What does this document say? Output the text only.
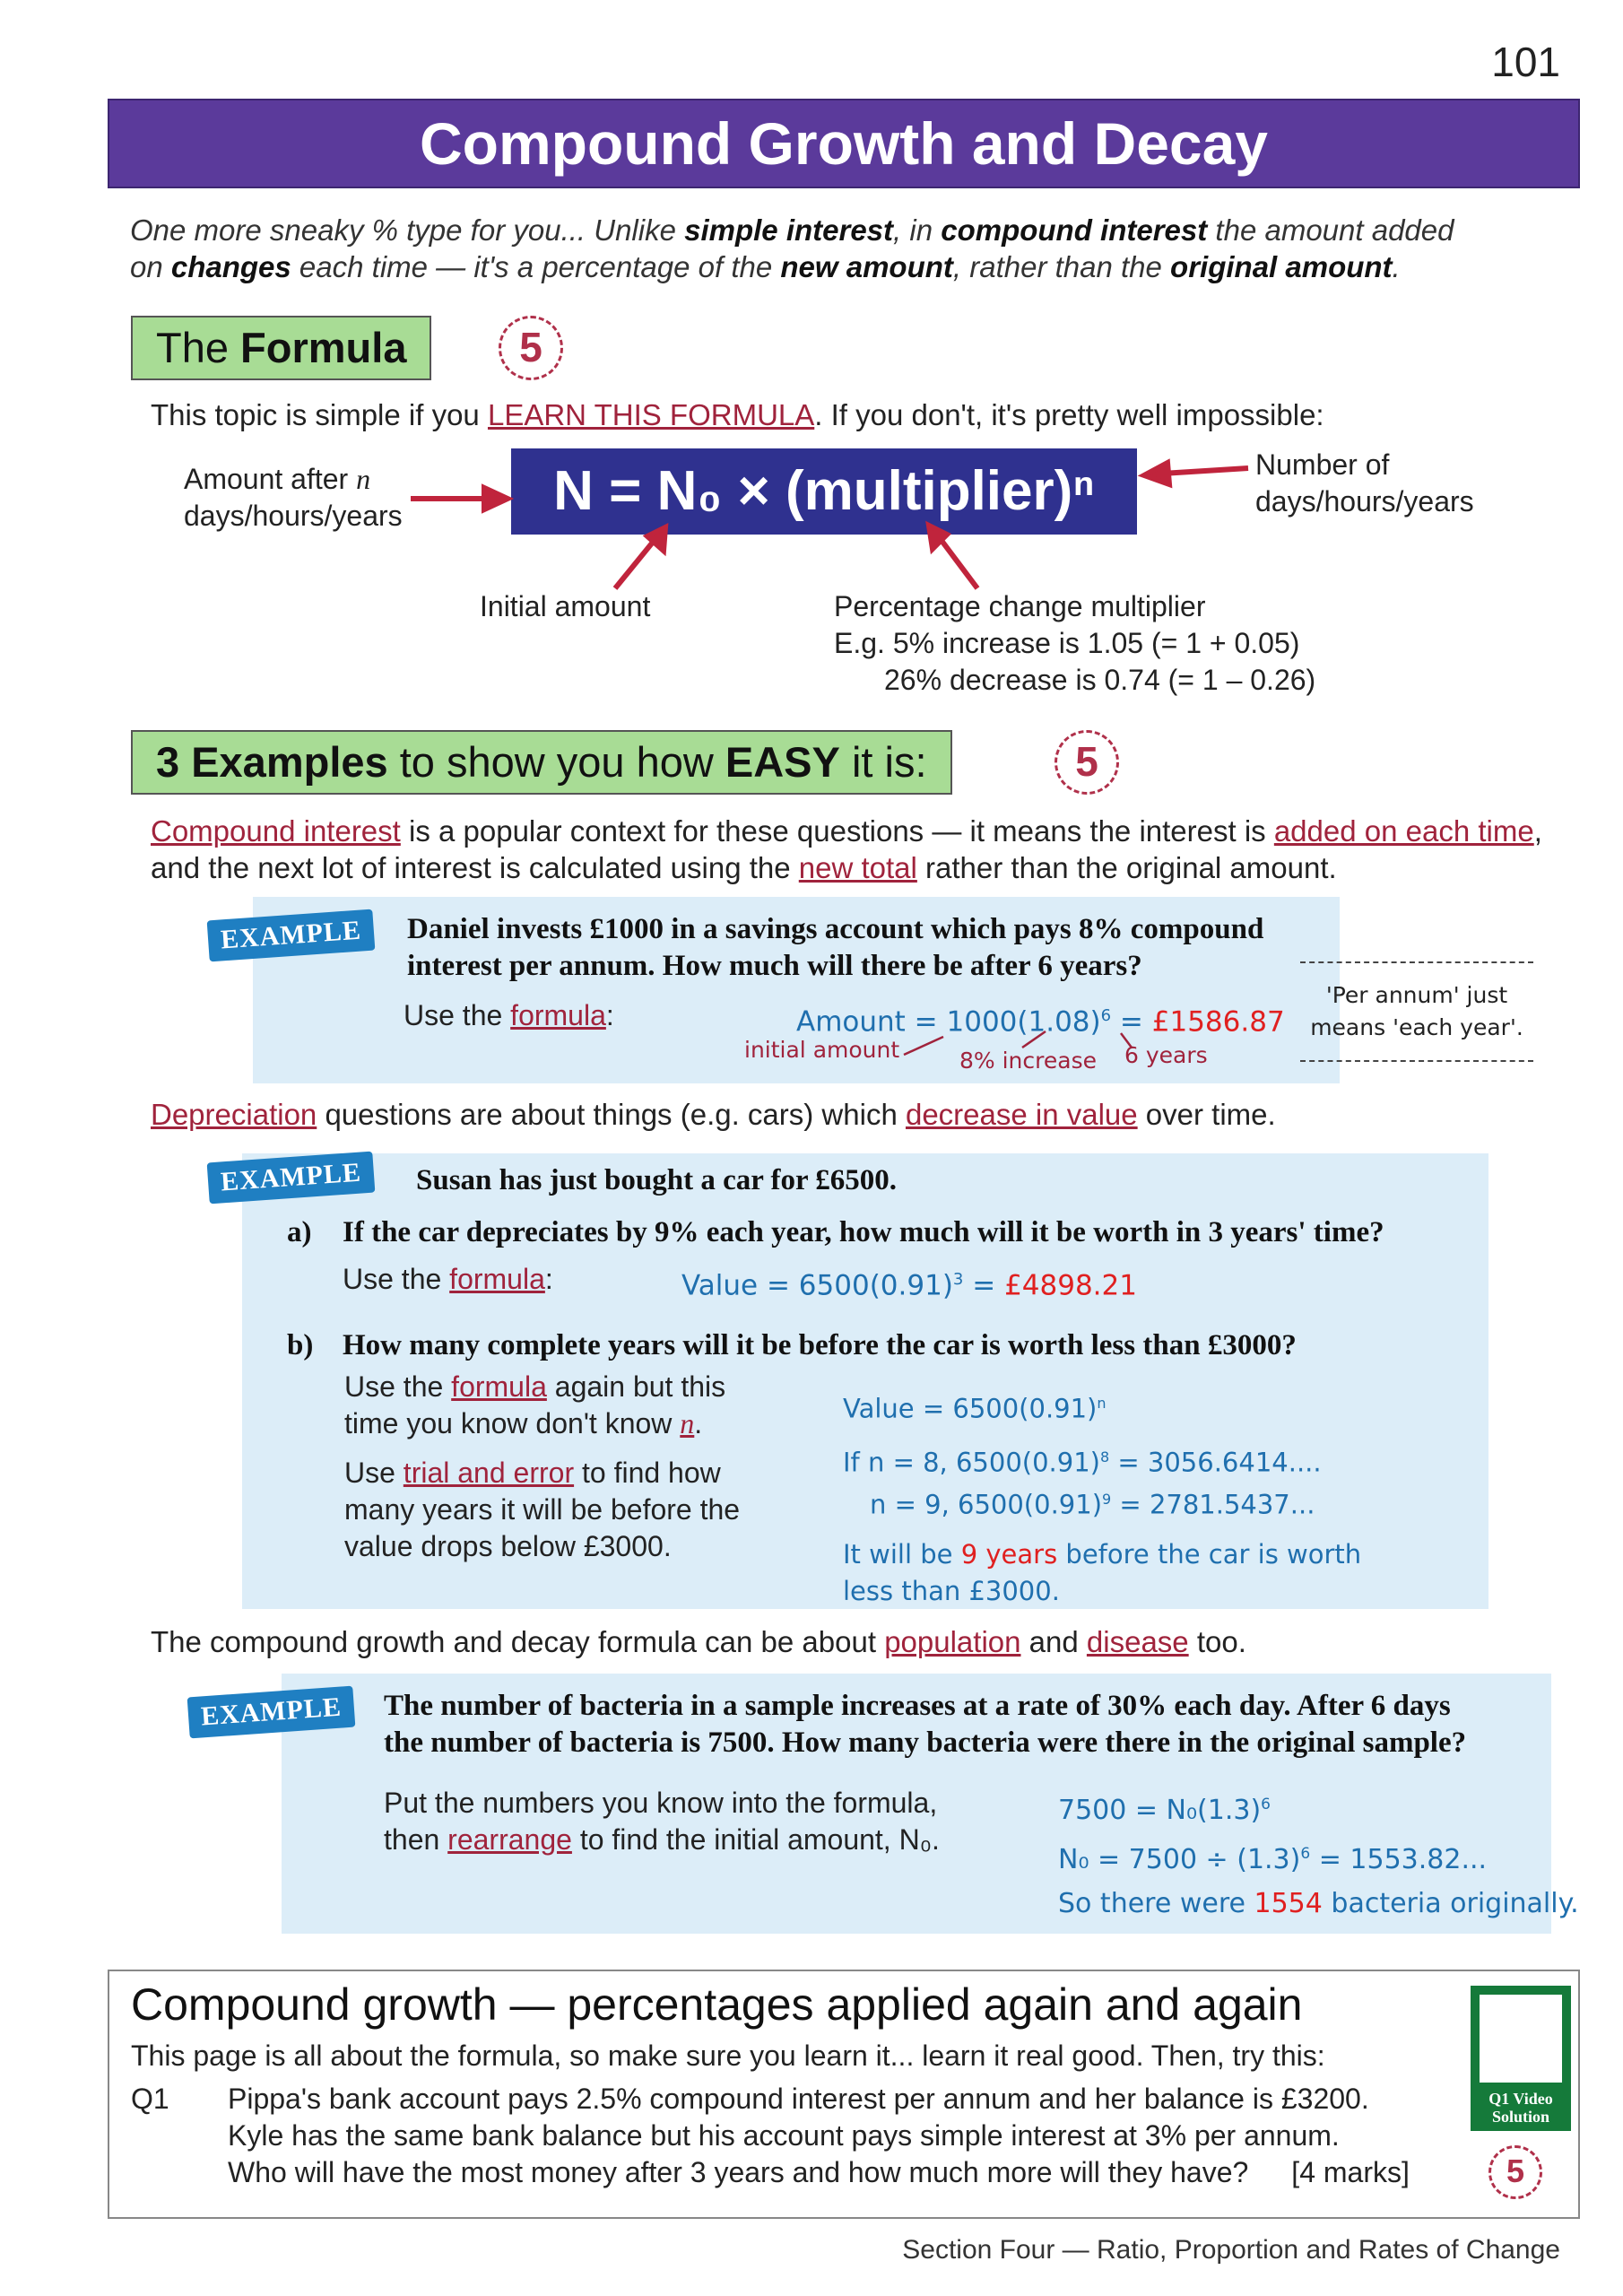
101
Compound Growth and Decay
One more sneaky % type for you... Unlike simple interest, in compound interest the amount added
on changes each time — it's a percentage of the new amount, rather than the original amount.
The Formula	5
This topic is simple if you LEARN THIS FORMULA. If you don't, it's pretty well impossible:
Amount after n
days/hours/years	N = N₀ × (multiplier)ⁿ	Number of
days/hours/years
Initial amount	Percentage change multiplier
E.g. 5% increase is 1.05 (= 1 + 0.05)
26% decrease is 0.74 (= 1 – 0.26)
3 Examples to show you how EASY it is:	5
Compound interest is a popular context for these questions — it means the interest is added on each time,
and the next lot of interest is calculated using the new total rather than the original amount.
EXAMPLE	Daniel invests £1000 in a savings account which pays 8% compound
interest per annum. How much will there be after 6 years?
Use the formula:	Amount = $1000(1.08)^6$ = £1586.87
initial amount	8% increase 6 years
'Per annum' just
means 'each year'.
Depreciation questions are about things (e.g. cars) which decrease in value over time.
EXAMPLE	Susan has just bought a car for £6500.
a) If the car depreciates by 9% each year, how much will it be worth in 3 years' time?
Use the formula:	Value = $6500(0.91)^3$ = £4898.21
b) How many complete years will it be before the car is worth less than £3000?
Use the formula again but this
time you know don't know n.
Use trial and error to find how
many years it will be before the
value drops below £3000.
Value = $6500(0.91)^n$
If n = 8, $6500(0.91)^8 = 3056.6414$....
n = 9, $6500(0.91)^9 = 2781.5437$...
It will be 9 years before the car is worth
less than £3000.
The compound growth and decay formula can be about population and disease too.
EXAMPLE	The number of bacteria in a sample increases at a rate of 30% each day. After 6 days
the number of bacteria is 7500. How many bacteria were there in the original sample?
Put the numbers you know into the formula,
then rearrange to find the initial amount, N₀.
$7500 = N_0(1.3)^6$
$N_0 = 7500 \div (1.3)^6 = 1553.82$...
So there were 1554 bacteria originally.
Compound growth — percentages applied again and again
This page is all about the formula, so make sure you learn it... learn it real good. Then, try this:
Q1 Pippa's bank account pays 2.5% compound interest per annum and her balance is £3200.
Kyle has the same bank balance but his account pays simple interest at 3% per annum.
Who will have the most money after 3 years and how much more will they have? [4 marks]
Q1 Video
Solution
5
Section Four — Ratio, Proportion and Rates of Change
